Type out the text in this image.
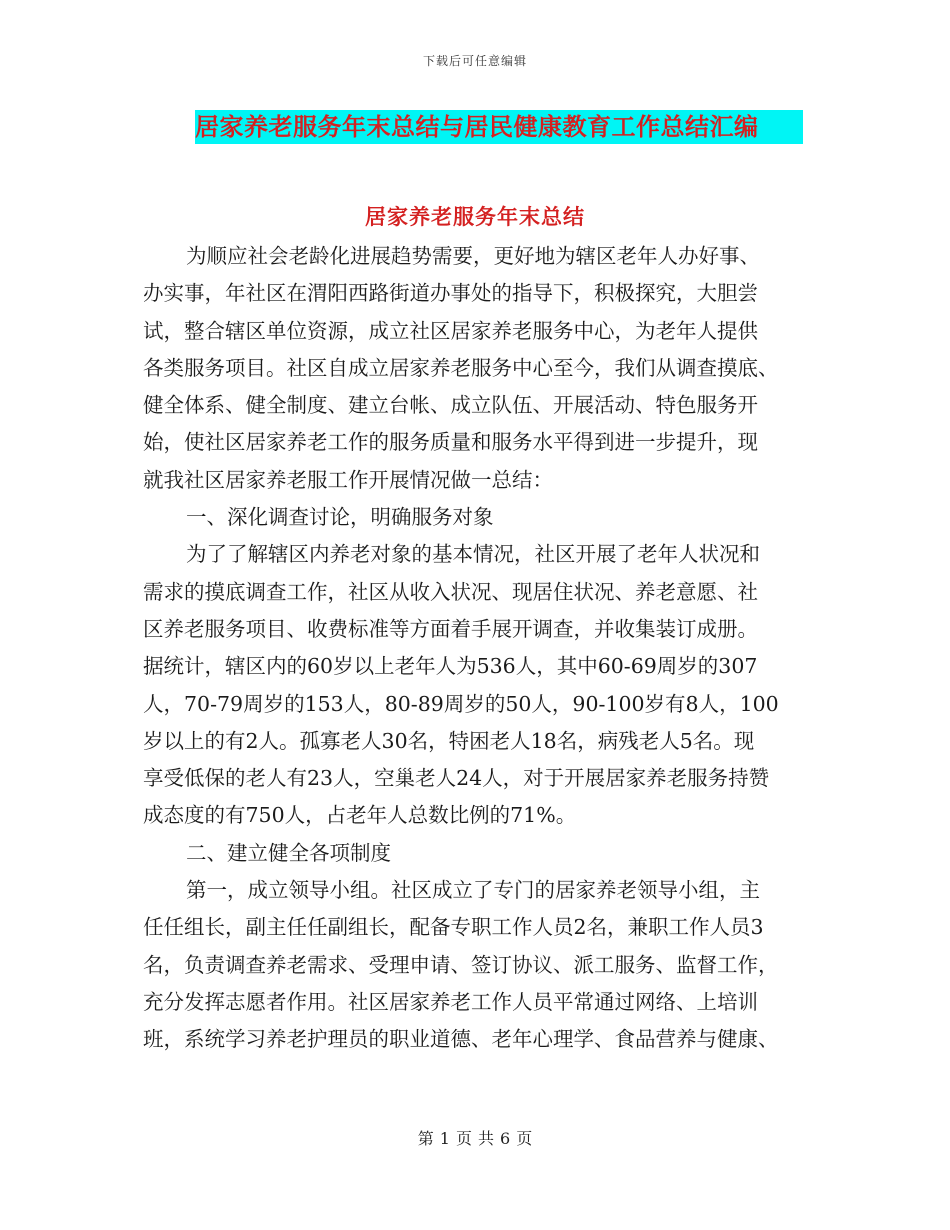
下载后可任意编辑
居家养老服务年末总结与居民健康教育工作总结汇编
居家养老服务年末总结
为顺应社会老龄化进展趋势需要，更好地为辖区老年人办好事、
办实事，年社区在渭阳西路街道办事处的指导下，积极探究，大胆尝
试，整合辖区单位资源，成立社区居家养老服务中心，为老年人提供
各类服务项目。社区自成立居家养老服务中心至今，我们从调查摸底、
健全体系、健全制度、建立台帐、成立队伍、开展活动、特色服务开
始，使社区居家养老工作的服务质量和服务水平得到进一步提升，现
就我社区居家养老服工作开展情况做一总结：
一、深化调查讨论，明确服务对象
为了了解辖区内养老对象的基本情况，社区开展了老年人状况和
需求的摸底调查工作，社区从收入状况、现居住状况、养老意愿、社
区养老服务项目、收费标准等方面着手展开调查，并收集装订成册。
据统计，辖区内的60岁以上老年人为536人，其中60-69周岁的307
人，70-79周岁的153人，80-89周岁的50人，90-100岁有8人，100
岁以上的有2人。孤寡老人30名，特困老人18名，病残老人5名。现
享受低保的老人有23人，空巢老人24人，对于开展居家养老服务持赞
成态度的有750人，占老年人总数比例的71%。
二、建立健全各项制度
第一，成立领导小组。社区成立了专门的居家养老领导小组，主
任任组长，副主任任副组长，配备专职工作人员2名，兼职工作人员3
名，负责调查养老需求、受理申请、签订协议、派工服务、监督工作，
充分发挥志愿者作用。社区居家养老工作人员平常通过网络、上培训
班，系统学习养老护理员的职业道德、老年心理学、食品营养与健康、
第 1 页 共 6 页
